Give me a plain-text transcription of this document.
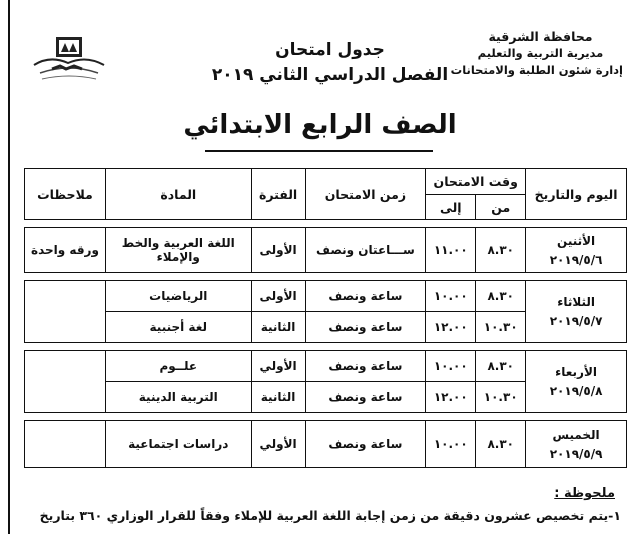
محافظة الشرقية
مديرية التربية والتعليم
إدارة شئون الطلبة والامتحانات
جدول امتحان
الفصل الدراسي الثاني ٢٠١٩
الصف الرابع الابتدائي
اليوم والتاريخ	وقت الامتحان		زمن الامتحان	الفترة	المادة	ملاحظات
	من	إلى				

الأثنين
٢٠١٩/٥/٦	٨.٣٠	١١.٠٠	ســـاعتان ونصف	الأولى	اللغة العربية والخط والإملاء	ورقه واحدة

الثلاثاء
٢٠١٩/٥/٧	٨.٣٠	١٠.٠٠	ساعة ونصف	الأولى	الرياضيات	
	١٠.٣٠	١٢.٠٠	ساعة ونصف	الثانية	لغة أجنبية	

الأربعاء
٢٠١٩/٥/٨	٨.٣٠	١٠.٠٠	ساعة ونصف	الأولي	علــوم	
	١٠.٣٠	١٢.٠٠	ساعة ونصف	الثانية	التربية الدينية	

الخميس
٢٠١٩/٥/٩	٨.٣٠	١٠.٠٠	ساعة ونصف	الأولي	دراسات اجتماعية	
ملحوظة :
١-يتم تخصيص عشرون دقيقة من زمن إجابة اللغة العربية للإملاء وفقاً للقرار الوزاري ٣٦٠ بتاريخ
